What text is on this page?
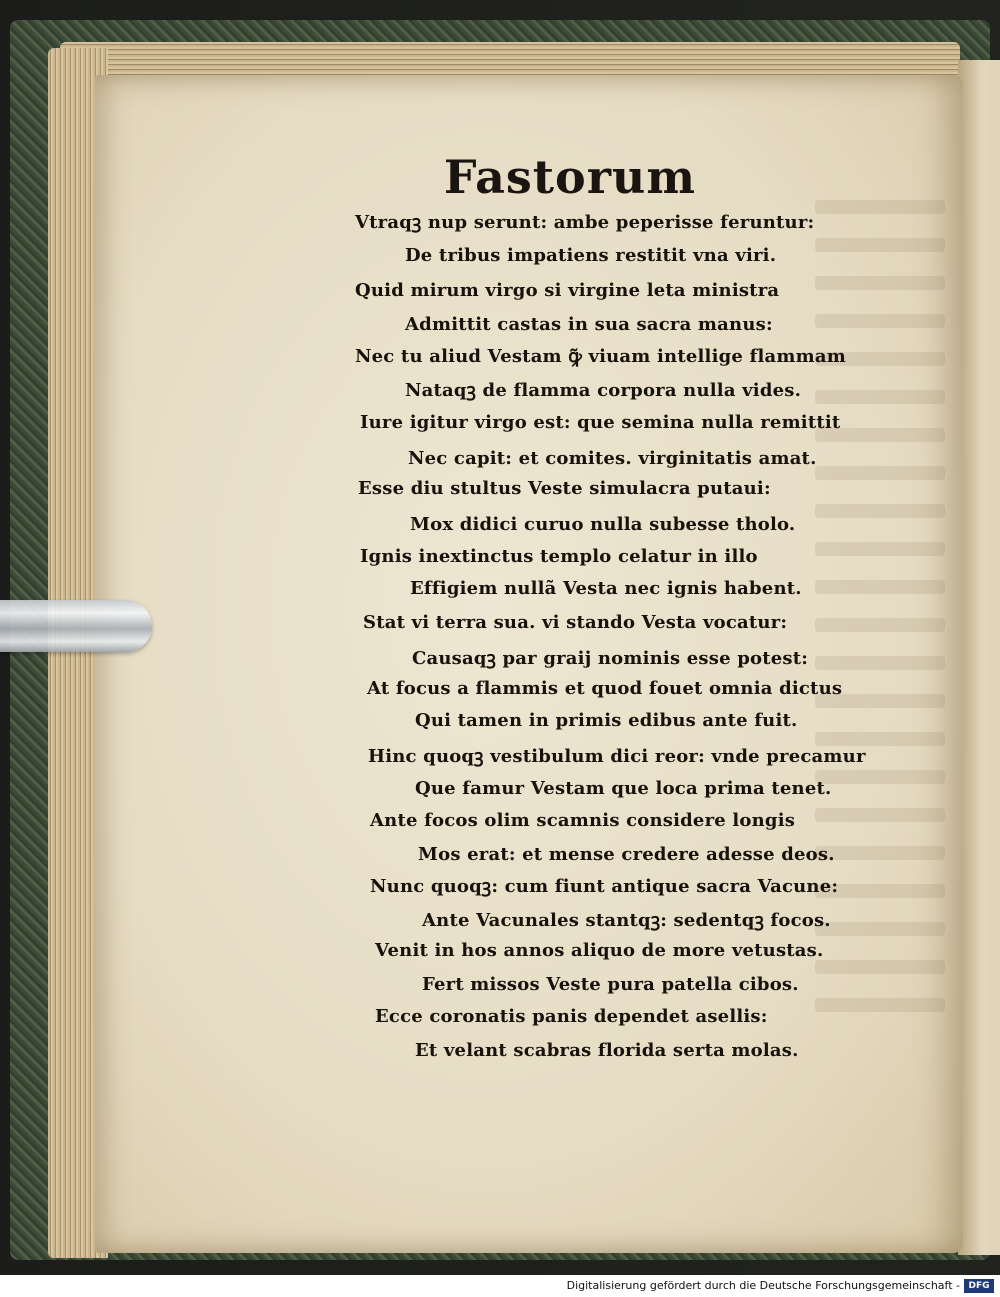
Fastorum
Vtraqꝫ nup serunt: ambe peperisse feruntur:
De tribus impatiens restitit vna viri.
Quid mirum virgo si virgine leta ministra
Admittit castas in sua sacra manus:
Nec tu aliud Vestam ꝙ̃ viuam intellige flammam
Nataqꝫ de flamma corpora nulla vides.
Iure igitur virgo est: que semina nulla remittit
Nec capit: et comites. virginitatis amat.
Esse diu stultus Veste simulacra putaui:
Mox didici curuo nulla subesse tholo.
Ignis inextinctus templo celatur in illo
Effigiem nullã Vesta nec ignis habent.
Stat vi terra sua. vi stando Vesta vocatur:
Causaqꝫ par graij nominis esse potest:
At focus a flammis et quod fouet omnia dictus
Qui tamen in primis edibus ante fuit.
Hinc quoqꝫ vestibulum dici reor: vnde precamur
Que famur Vestam que loca prima tenet.
Ante focos olim scamnis considere longis
Mos erat: et mense credere adesse deos.
Nunc quoqꝫ: cum fiunt antique sacra Vacune:
Ante Vacunales stantqꝫ: sedentqꝫ focos.
Venit in hos annos aliquo de more vetustas.
Fert missos Veste pura patella cibos.
Ecce coronatis panis dependet asellis:
Et velant scabras florida serta molas.
Digitalisierung gefördert durch die Deutsche Forschungsgemeinschaft - DFG
